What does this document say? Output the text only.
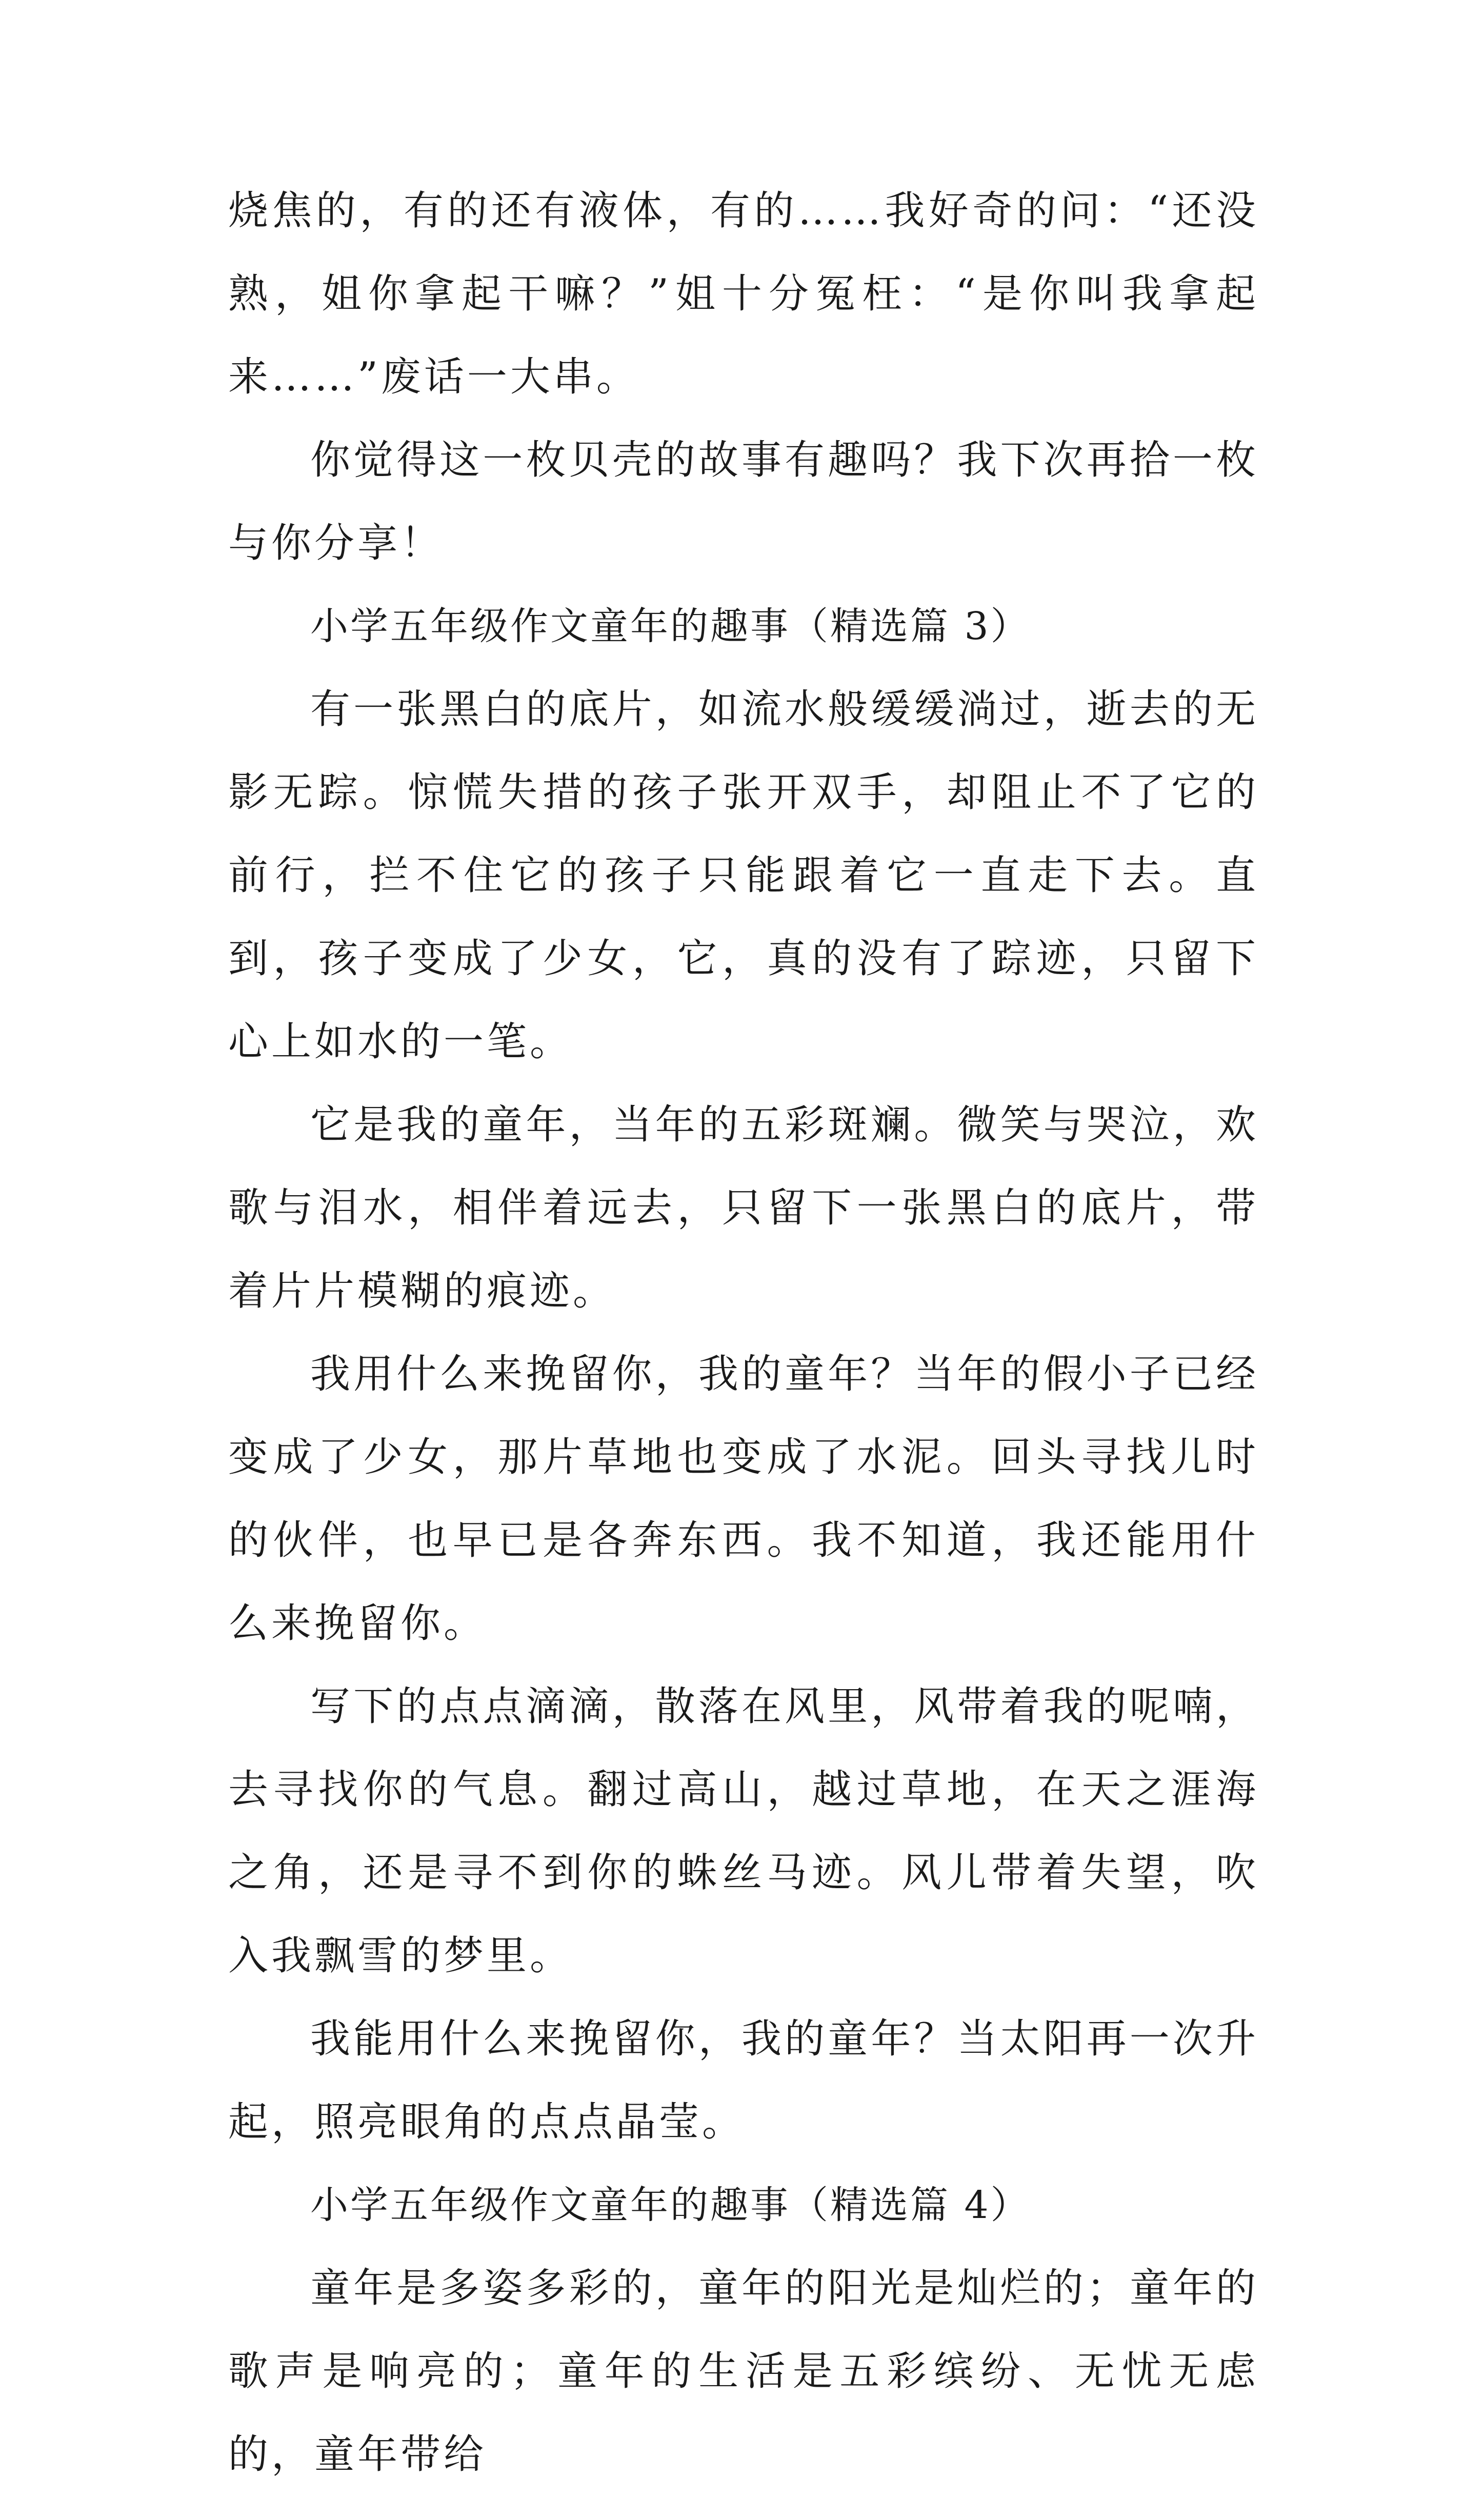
烧焦的，有的还有液体，有的……我好奇的问：“还没熟，姐你拿起干嘛？”姐十分冤枉：“是你叫我拿起来……”废话一大串。

你觉得这一枚贝壳的故事有趣吗？我下次再拾一枚与你分享！

小学五年级作文童年的趣事（精选篇 3）

有一张黑白的底片，如流水般缓缓淌过，逝去的无影无踪。惊慌失措的孩子张开双手，却阻止不了它的前行，拦不住它的孩子只能跟着它一直走下去。直到，孩子变成了少女，它，真的没有了踪迹，只留下心上如水的一笔。

它是我的童年，当年的五彩斑斓。微笑与哭泣，欢歌与泪水，相伴着远去，只留下一张黑白的底片，带着片片模糊的痕迹。

我用什么来挽留你，我的童年？当年的假小子已经变成了少女，那片草地也变成了水泥。回头寻找儿时的伙伴，也早已是各奔东西。我不知道，我还能用什么来挽留你。

写下的点点滴滴，散落在风里，风带着我的呢喃，去寻找你的气息。翻过高山，越过草地，在天之涯海之角，还是寻不到你的蛛丝马迹。风儿带着失望，吹入我飘雪的梦里。

我能用什么来挽留你，我的童年？当太阳再一次升起，照亮眼角的点点晶莹。

小学五年级作文童年的趣事（精选篇 4）

童年是多姿多彩的，童年的阳光是灿烂的；童年的歌声是响亮的；童年的生活是五彩缤纷、无忧无虑的，童年带给
